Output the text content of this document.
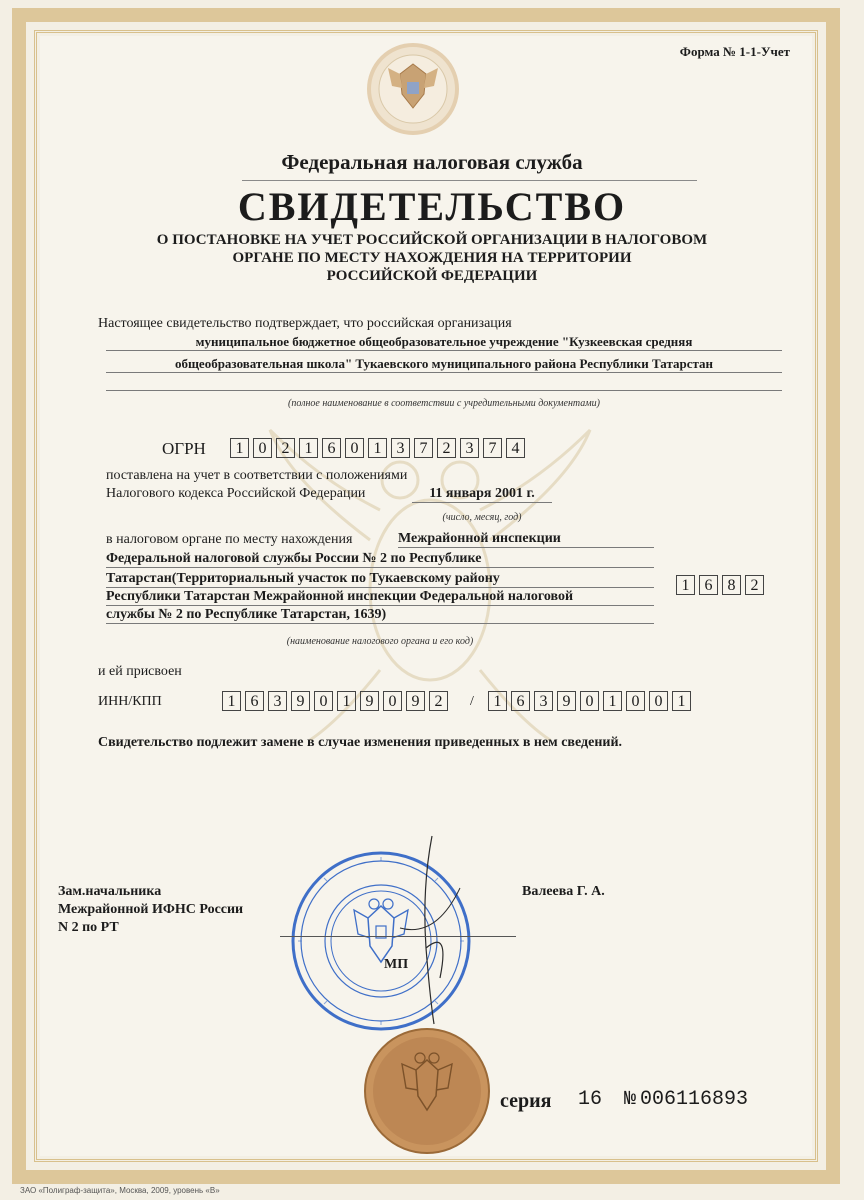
Форма № 1-1-Учет
Федеральная налоговая служба
СВИДЕТЕЛЬСТВО
О ПОСТАНОВКЕ НА УЧЕТ РОССИЙСКОЙ ОРГАНИЗАЦИИ В НАЛОГОВОМ
ОРГАНЕ ПО МЕСТУ НАХОЖДЕНИЯ НА ТЕРРИТОРИИ
РОССИЙСКОЙ ФЕДЕРАЦИИ
Настоящее свидетельство подтверждает, что российская организация
муниципальное бюджетное общеобразовательное учреждение "Кузкеевская средняя
общеобразовательная школа" Тукаевского муниципального района Республики Татарстан
(полное наименование в соответствии с учредительными документами)
ОГРН	1 0 2 1 6 0 1 3 7 2 3 7 4
поставлена на учет в соответствии с положениями
Налогового кодекса Российской Федерации	11 января 2001 г.
(число, месяц, год)
в налоговом органе по месту нахождения	Межрайонной инспекции
Федеральной налоговой службы России № 2 по Республике
Татарстан(Территориальный участок по Тукаевскому району
Республики Татарстан Межрайонной инспекции Федеральной налоговой
службы № 2 по Республике Татарстан, 1639)
1 6 8 2
(наименование налогового органа и его код)
и ей присвоен
ИНН/КПП	1 6 3 9 0 1 9 0 9 2	/	1 6 3 9 0 1 0 0 1
Свидетельство подлежит замене в случае изменения приведенных в нем сведений.
Зам.начальника
Межрайонной ИФНС России
N 2 по РТ
Валеева Г. А.
МП
серия 16 № 006116893
ЗАО «Полиграф-защита», Москва, 2009, уровень «В»
